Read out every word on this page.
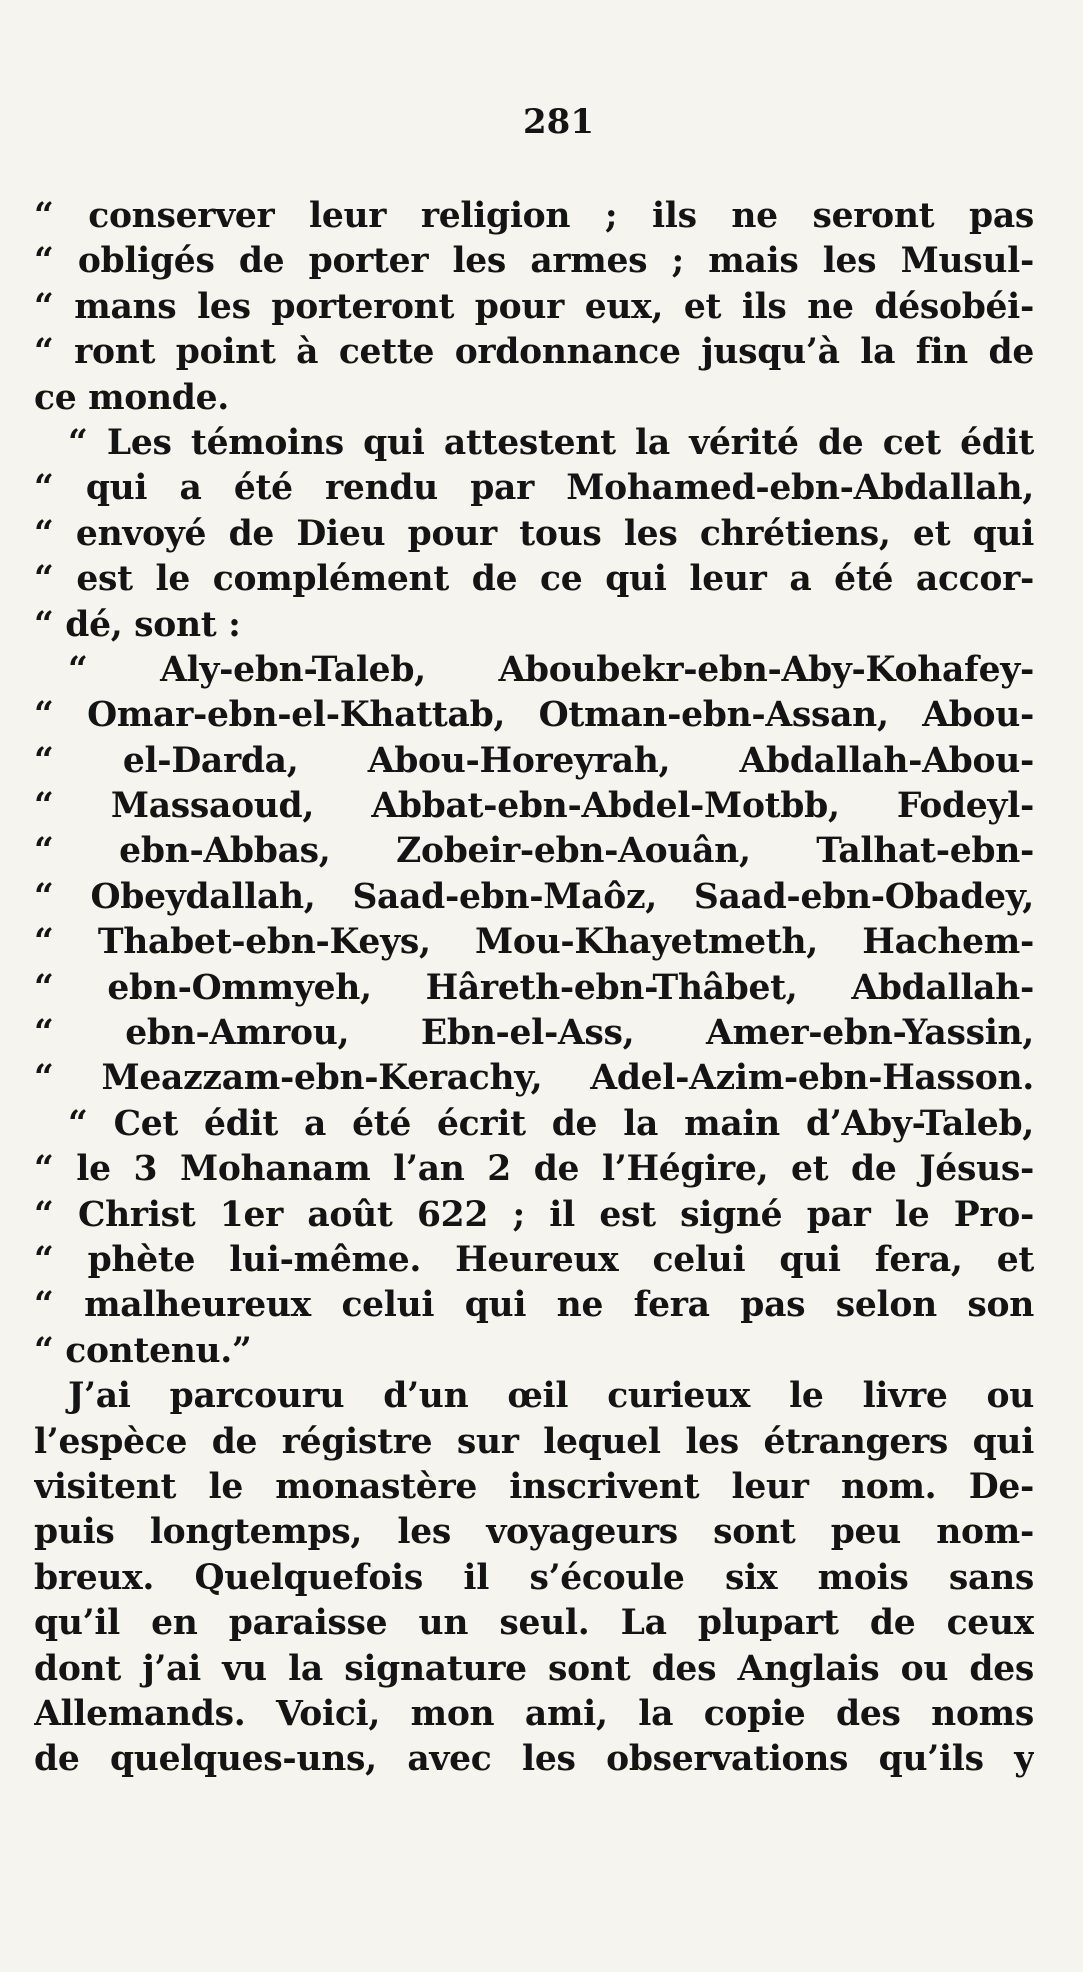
281
“ conserver leur religion ; ils ne seront pas
“ obligés de porter les armes ; mais les Musul-
“ mans les porteront pour eux, et ils ne désobéi-
“ ront point à cette ordonnance jusqu’à la fin de
ce monde.
“ Les témoins qui attestent la vérité de cet édit
“ qui a été rendu par Mohamed-ebn-Abdallah,
“ envoyé de Dieu pour tous les chrétiens, et qui
“ est le complément de ce qui leur a été accor-
“ dé, sont :
“ Aly-ebn-Taleb, Aboubekr-ebn-Aby-Kohafey-
“ Omar-ebn-el-Khattab, Otman-ebn-Assan, Abou-
“ el-Darda, Abou-Horeyrah, Abdallah-Abou-
“ Massaoud, Abbat-ebn-Abdel-Motbb, Fodeyl-
“ ebn-Abbas, Zobeir-ebn-Aouân, Talhat-ebn-
“ Obeydallah, Saad-ebn-Maôz, Saad-ebn-Obadey,
“ Thabet-ebn-Keys, Mou-Khayetmeth, Hachem-
“ ebn-Ommyeh, Hâreth-ebn-Thâbet, Abdallah-
“ ebn-Amrou, Ebn-el-Ass, Amer-ebn-Yassin,
“ Meazzam-ebn-Kerachy, Adel-Azim-ebn-Hasson.
“ Cet édit a été écrit de la main d’Aby-Taleb,
“ le 3 Mohanam l’an 2 de l’Hégire, et de Jésus-
“ Christ 1er août 622 ; il est signé par le Pro-
“ phète lui-même. Heureux celui qui fera, et
“ malheureux celui qui ne fera pas selon son
“ contenu.”
J’ai parcouru d’un œil curieux le livre ou
l’espèce de régistre sur lequel les étrangers qui
visitent le monastère inscrivent leur nom. De-
puis longtemps, les voyageurs sont peu nom-
breux. Quelquefois il s’écoule six mois sans
qu’il en paraisse un seul. La plupart de ceux
dont j’ai vu la signature sont des Anglais ou des
Allemands. Voici, mon ami, la copie des noms
de quelques-uns, avec les observations qu’ils y
